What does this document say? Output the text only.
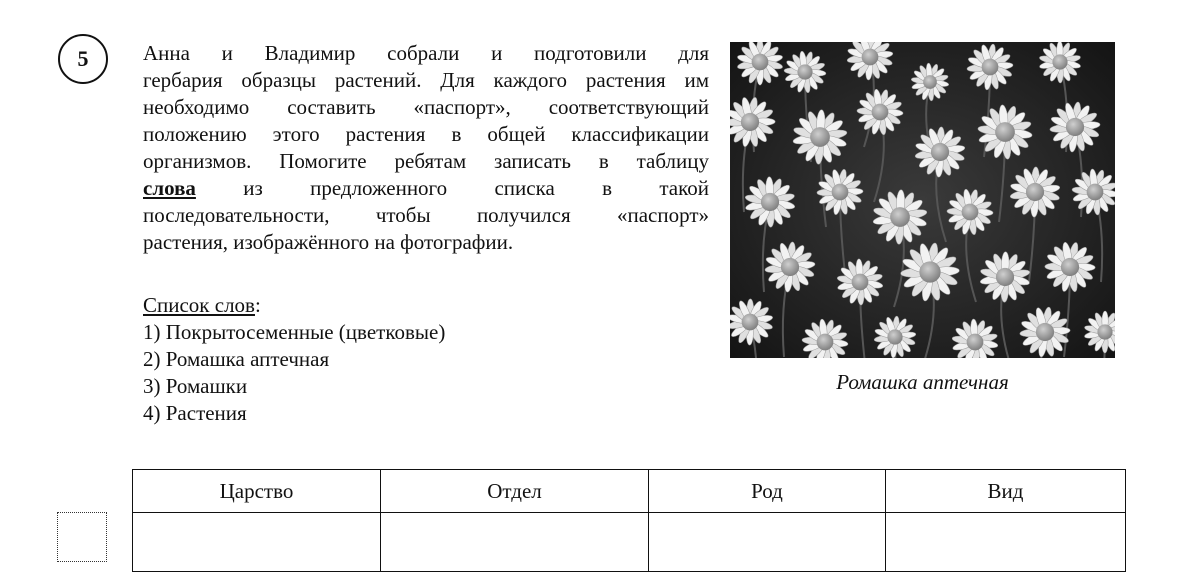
5	Анна и Владимир собрали и подготовили для
гербария образцы растений. Для каждого растения им
необходимо составить «паспорт», соответствующий
положению этого растения в общей классификации
организмов. Помогите ребятам записать в таблицу
слова из предложенного списка в такой
последовательности, чтобы получился «паспорт»
растения, изображённого на фотографии.
Список слов:
1) Покрытосеменные (цветковые)
2) Ромашка аптечная
3) Ромашки
4) Растения
Ромашка аптечная
Царство	Отдел	Род	Вид
